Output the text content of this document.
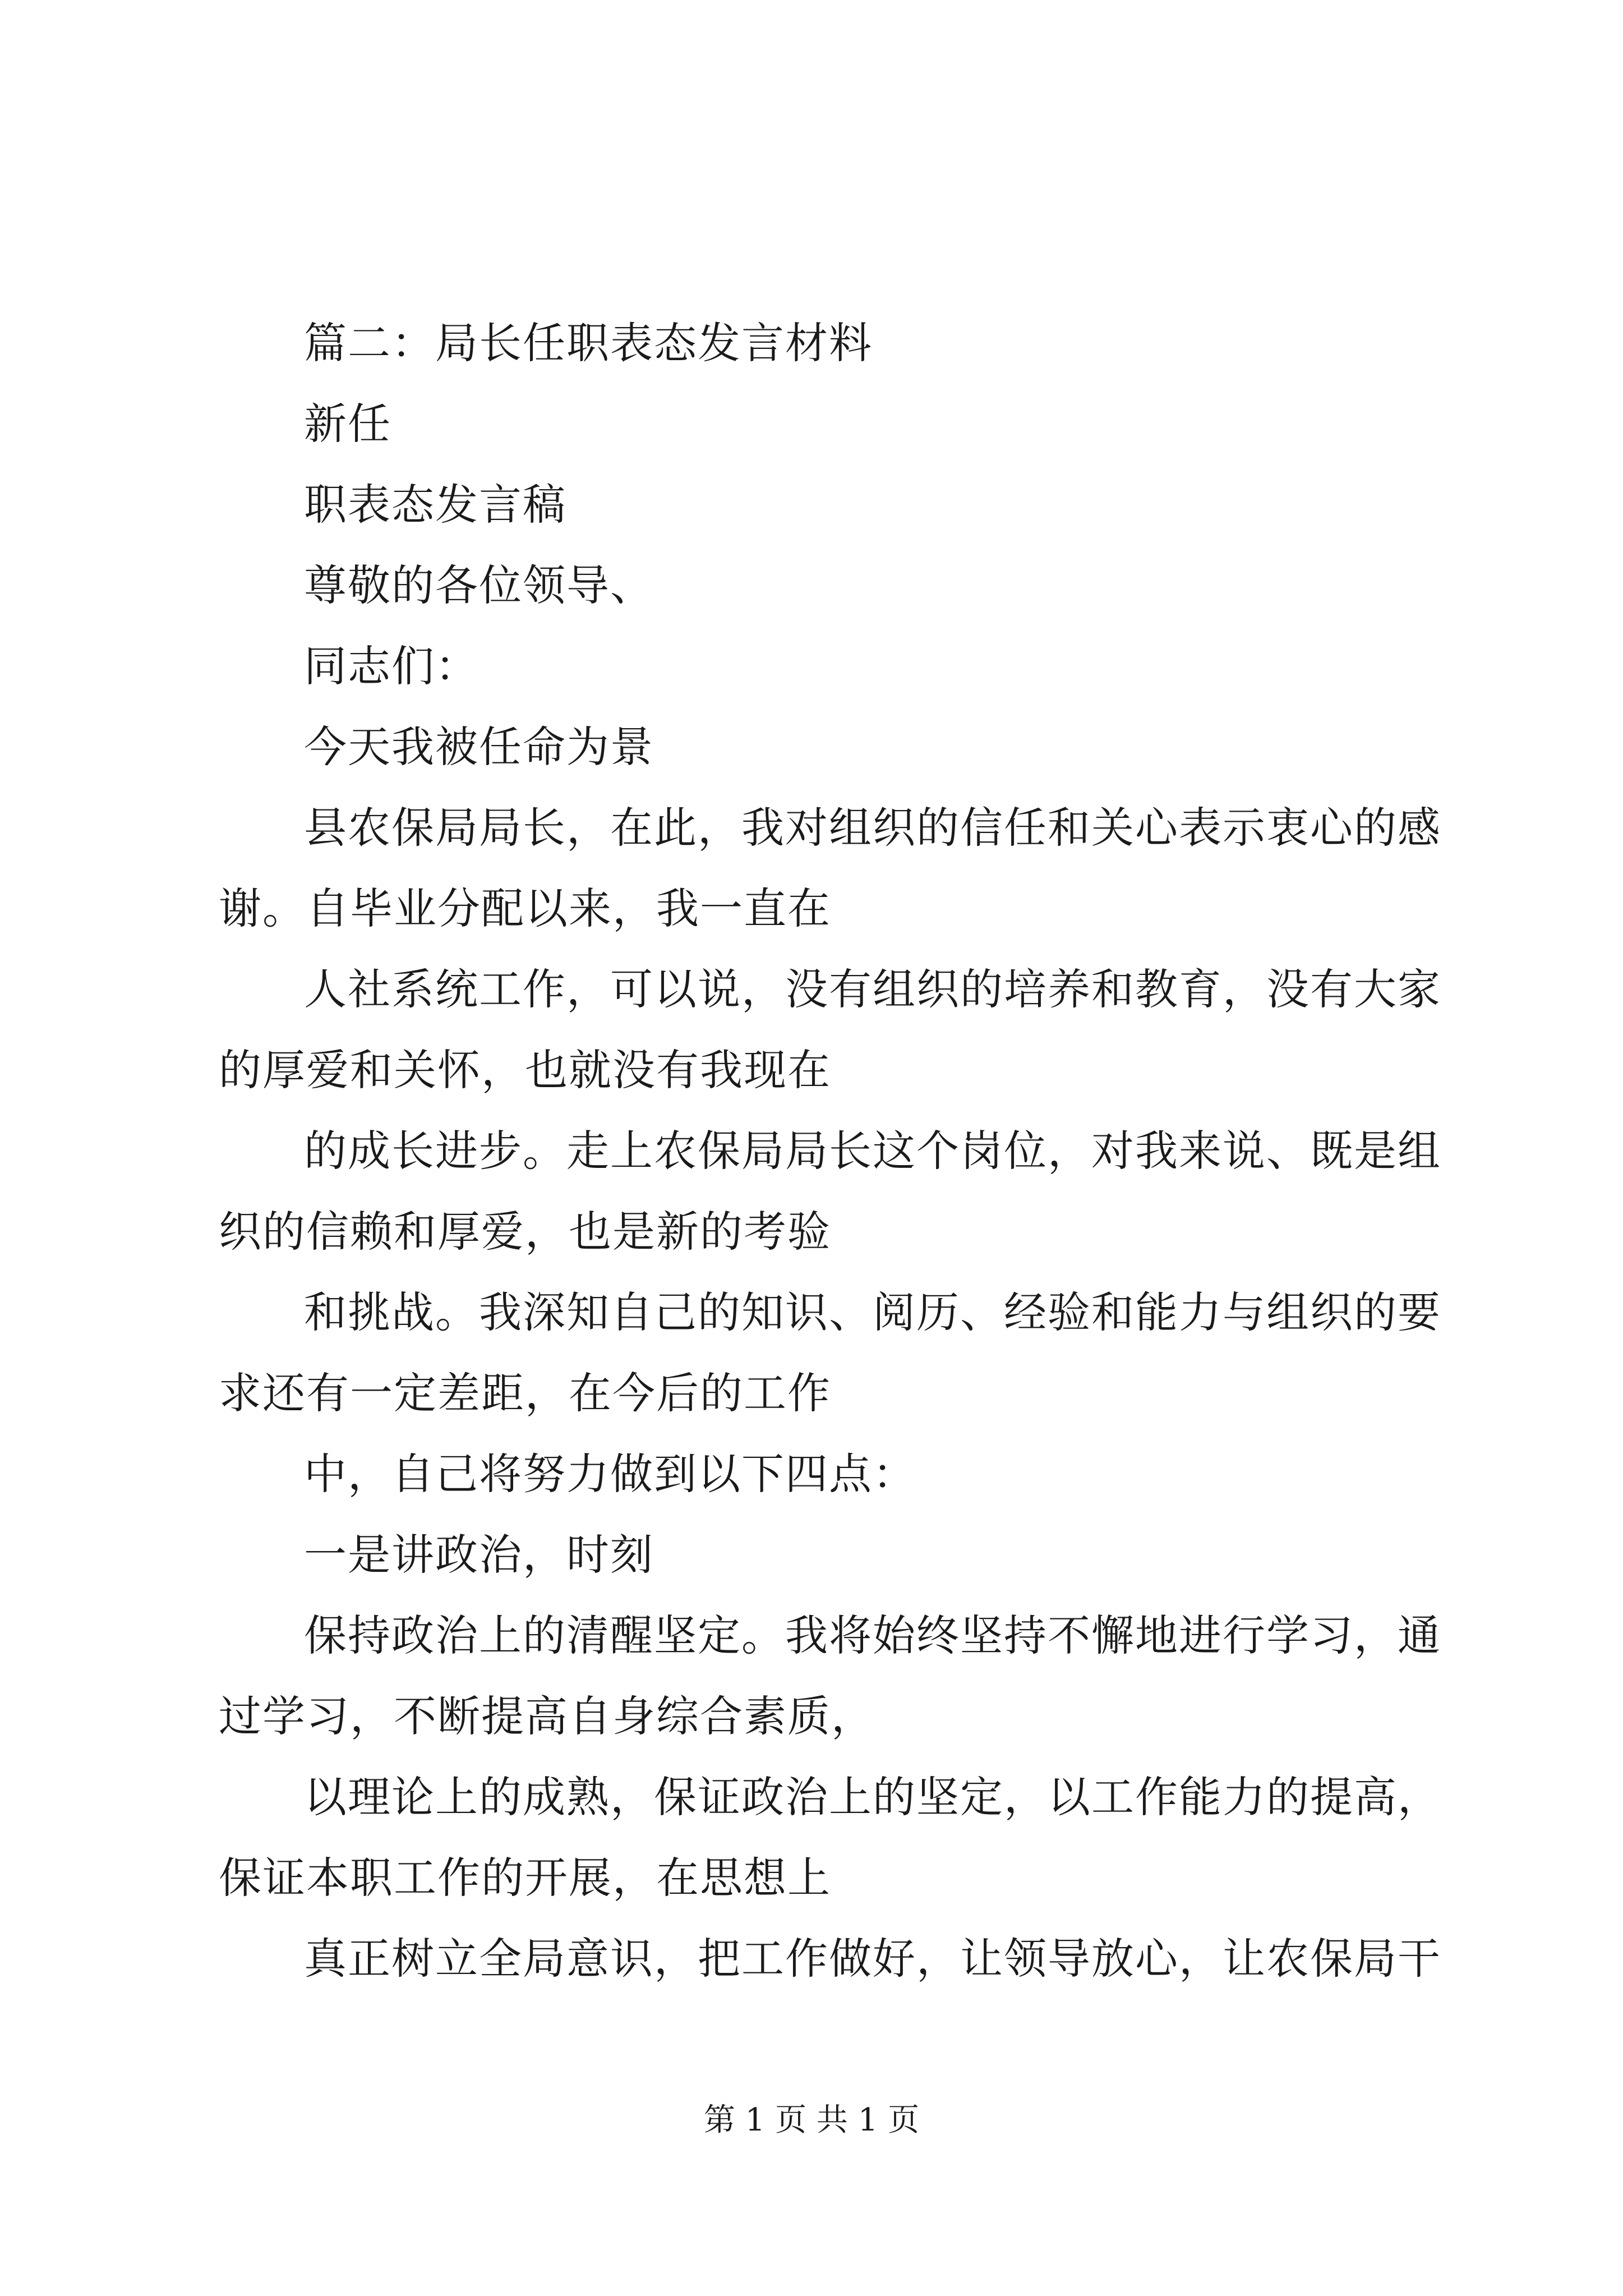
篇二：局长任职表态发言材料
新任
职表态发言稿
尊敬的各位领导、
同志们：
今天我被任命为景
县农保局局长，在此，我对组织的信任和关心表示衷心的感
谢。自毕业分配以来，我一直在
人社系统工作，可以说，没有组织的培养和教育，没有大家
的厚爱和关怀，也就没有我现在
的成长进步。走上农保局局长这个岗位，对我来说、既是组
织的信赖和厚爱，也是新的考验
和挑战。我深知自己的知识、阅历、经验和能力与组织的要
求还有一定差距，在今后的工作
中，自己将努力做到以下四点：
一是讲政治，时刻
保持政治上的清醒坚定。我将始终坚持不懈地进行学习，通
过学习，不断提高自身综合素质，
以理论上的成熟，保证政治上的坚定，以工作能力的提高，
保证本职工作的开展，在思想上
真正树立全局意识，把工作做好，让领导放心，让农保局干
第 1 页 共 1 页
